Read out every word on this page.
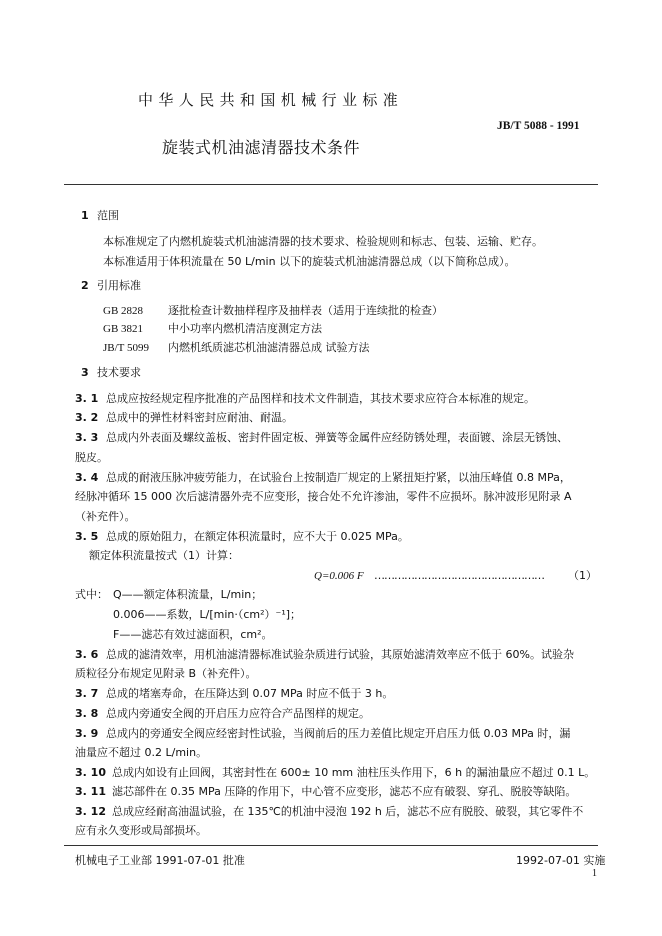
中华人民共和国机械行业标准
JB/T 5088 - 1991
旋装式机油滤清器技术条件
1 范围
本标准规定了内燃机旋装式机油滤清器的技术要求、检验规则和标志、包装、运输、贮存。
本标准适用于体积流量在 50 L/min 以下的旋装式机油滤清器总成（以下简称总成）。
2 引用标准
GB 2828 逐批检查计数抽样程序及抽样表（适用于连续批的检查）
GB 3821 中小功率内燃机清洁度测定方法
JB/T 5099 内燃机纸质滤芯机油滤清器总成 试验方法
3 技术要求
3. 1 总成应按经规定程序批准的产品图样和技术文件制造，其技术要求应符合本标准的规定。
3. 2 总成中的弹性材料密封应耐油、耐温。
3. 3 总成内外表面及螺纹盖板、密封件固定板、弹簧等金属件应经防锈处理，表面镀、涂层无锈蚀、
脱皮。
3. 4 总成的耐液压脉冲疲劳能力，在试验台上按制造厂规定的上紧扭矩拧紧，以油压峰值 0.8 MPa，
经脉冲循环 15 000 次后滤清器外壳不应变形，接合处不允许渗油，零件不应损坏。脉冲波形见附录 A
（补充件）。
3. 5 总成的原始阻力，在额定体积流量时，应不大于 0.025 MPa。
额定体积流量按式（1）计算：
Q=0.006 F …………………………………………… （1）
式中： Q——额定体积流量，L/min；
0.006——系数，L/[min·（cm²）⁻¹]；
F——滤芯有效过滤面积，cm²。
3. 6 总成的滤清效率，用机油滤清器标准试验杂质进行试验，其原始滤清效率应不低于 60%。试验杂
质粒径分布规定见附录 B（补充件）。
3. 7 总成的堵塞寿命，在压降达到 0.07 MPa 时应不低于 3 h。
3. 8 总成内旁通安全阀的开启压力应符合产品图样的规定。
3. 9 总成内的旁通安全阀应经密封性试验，当阀前后的压力差值比规定开启压力低 0.03 MPa 时，漏
油量应不超过 0.2 L/min。
3. 10 总成内如设有止回阀，其密封性在 600± 10 mm 油柱压头作用下，6 h 的漏油量应不超过 0.1 L。
3. 11 滤芯部件在 0.35 MPa 压降的作用下，中心管不应变形，滤芯不应有破裂、穿孔、脱胶等缺陷。
3. 12 总成应经耐高油温试验，在 135℃的机油中浸泡 192 h 后，滤芯不应有脱胶、破裂，其它零件不
应有永久变形或局部损坏。
机械电子工业部 1991-07-01 批准	1992-07-01 实施
1
